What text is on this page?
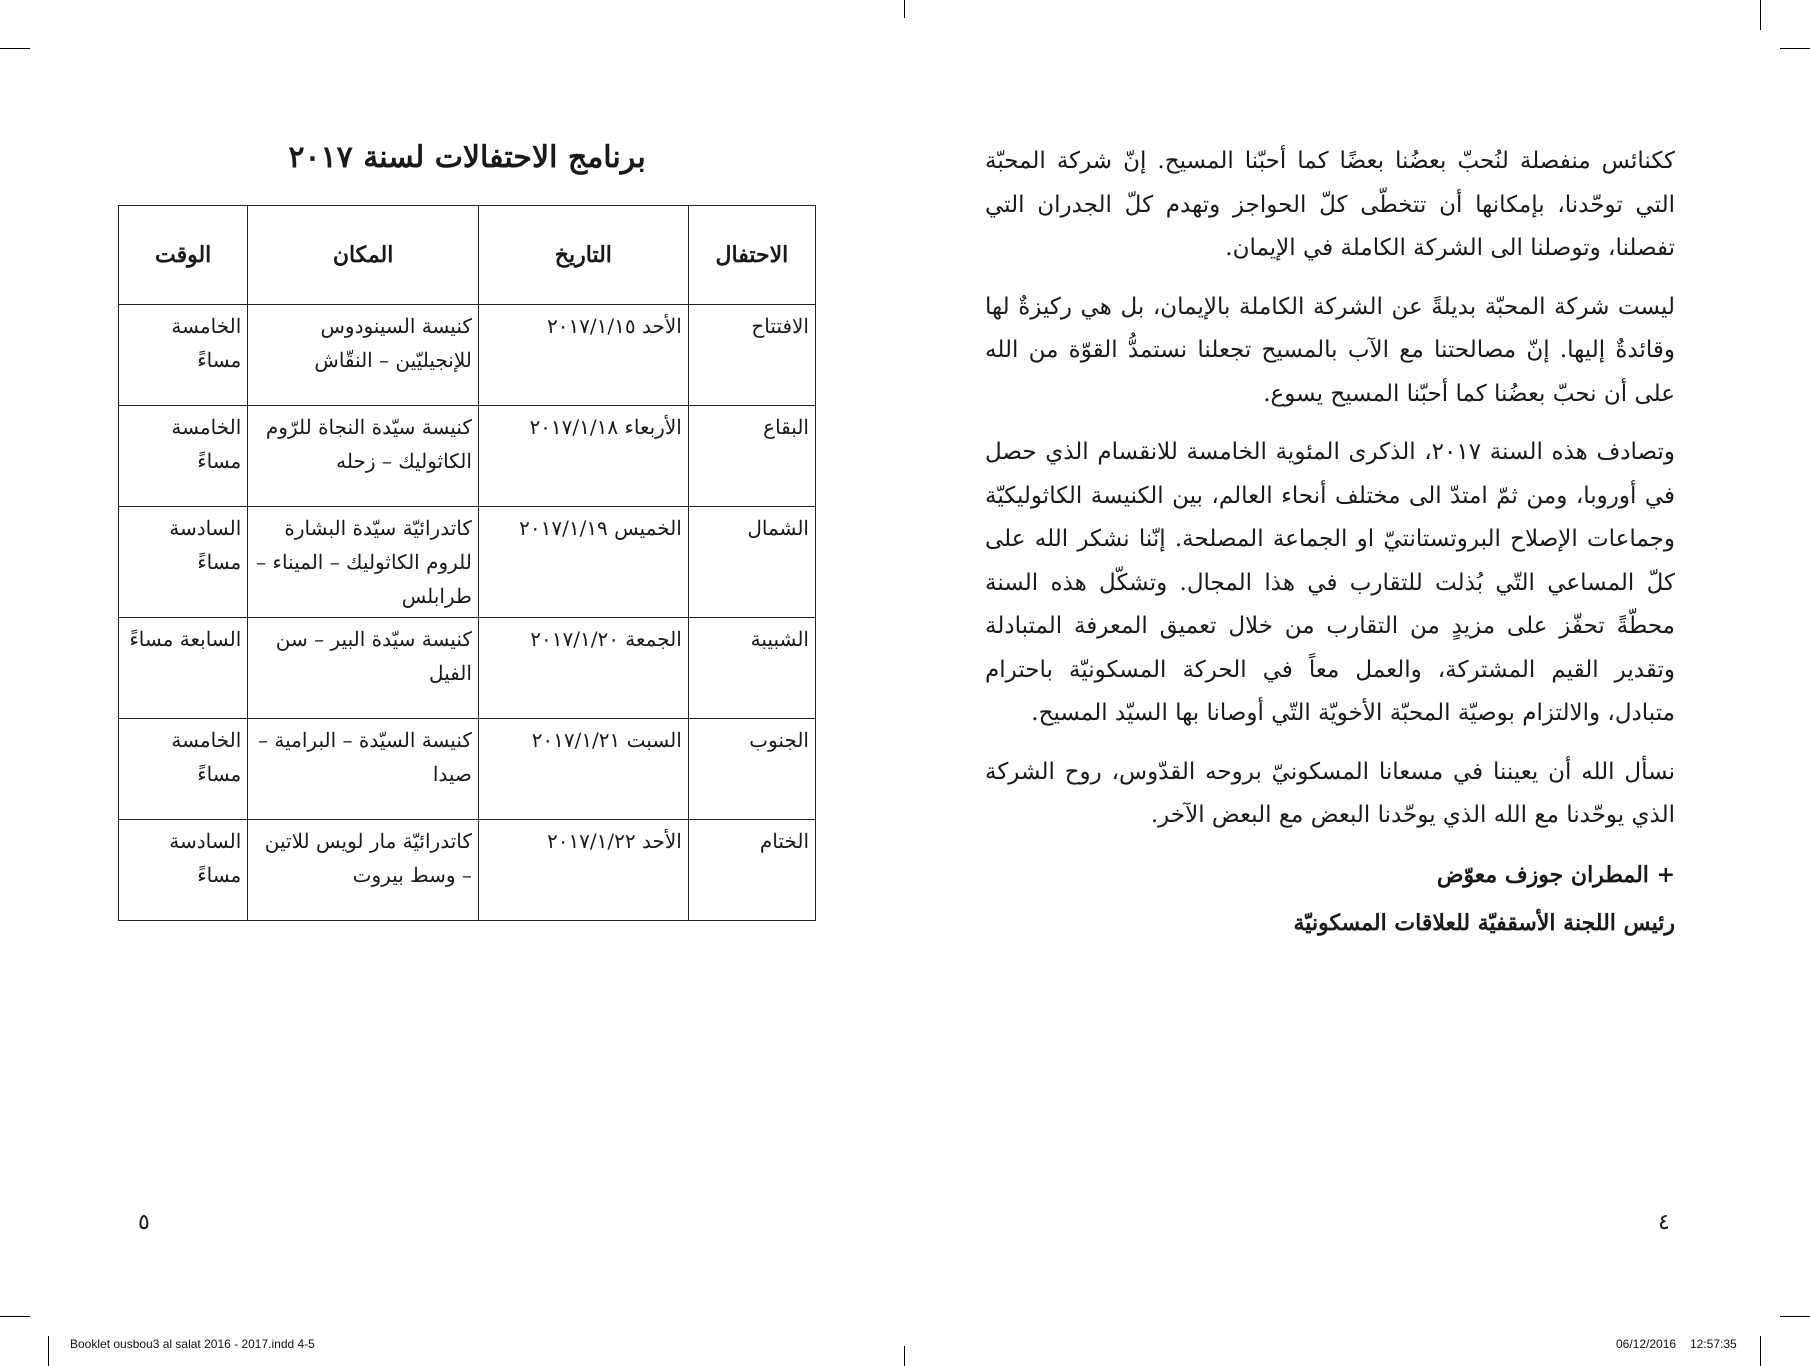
برنامج الاحتفالات لسنة ٢٠١٧
الاحتفال	التاريخ	المكان	الوقت
الافتتاح	الأحد ٢٠١٧/١/١٥	كنيسة السينودوس للإنجيليّين – النقّاش	الخامسة مساءً
البقاع	الأربعاء ٢٠١٧/١/١٨	كنيسة سيّدة النجاة للرّوم الكاثوليك – زحله	الخامسة مساءً
الشمال	الخميس ٢٠١٧/١/١٩	كاتدرائيّة سيّدة البشارة للروم الكاثوليك – الميناء – طرابلس	السادسة مساءً
الشبيبة	الجمعة ٢٠١٧/١/٢٠	كنيسة سيّدة البير – سن الفيل	السابعة مساءً
الجنوب	السبت ٢٠١٧/١/٢١	كنيسة السيّدة – البرامية – صيدا	الخامسة مساءً
الختام	الأحد ٢٠١٧/١/٢٢	كاتدرائيّة مار لويس للاتين – وسط بيروت	السادسة مساءً
٥

ككنائس منفصلة لنُحبّ بعضُنا بعضًا كما أحبّنا المسيح. إنّ شركة المحبّة التي توحّدنا، بإمكانها أن تتخطّى كلّ الحواجز وتهدم كلّ الجدران التي تفصلنا، وتوصلنا الى الشركة الكاملة في الإيمان.

ليست شركة المحبّة بديلةً عن الشركة الكاملة بالإيمان، بل هي ركيزةٌ لها وقائدةٌ إليها. إنّ مصالحتنا مع الآب بالمسيح تجعلنا نستمدُّ القوّة من الله على أن نحبّ بعضُنا كما أحبّنا المسيح يسوع.

وتصادف هذه السنة ٢٠١٧، الذكرى المئوية الخامسة للانقسام الذي حصل في أوروبا، ومن ثمّ امتدّ الى مختلف أنحاء العالم، بين الكنيسة الكاثوليكيّة وجماعات الإصلاح البروتستانتيّ او الجماعة المصلحة. إنّنا نشكر الله على كلّ المساعي التّي بُذلت للتقارب في هذا المجال. وتشكّل هذه السنة محطّةً تحفّز على مزيدٍ من التقارب من خلال تعميق المعرفة المتبادلة وتقدير القيم المشتركة، والعمل معاً في الحركة المسكونيّة باحترام متبادل، والالتزام بوصيّة المحبّة الأخويّة التّي أوصانا بها السيّد المسيح.

نسأل الله أن يعيننا في مسعانا المسكونيّ بروحه القدّوس، روح الشركة الذي يوحّدنا مع الله الذي يوحّدنا البعض مع البعض الآخر.

+ المطران جوزف معوّض

رئيس اللجنة الأسقفيّة للعلاقات المسكونيّة

٤
Booklet ousbou3 al salat 2016 - 2017.indd 4-5	06/12/2016 12:57:35
